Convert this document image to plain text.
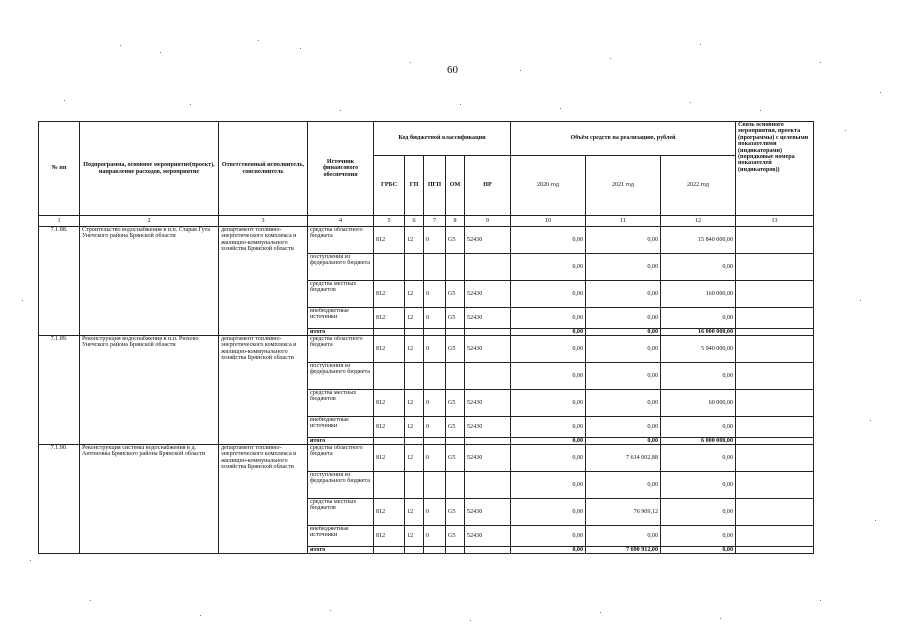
60
№ пп	Подпрограмма, основное мероприятие(проект), направление расходов, мероприятие	Ответственный исполнитель, соисполнитель	Источник финансового обеспечения	Код бюджетной классификации					Объём средств на реализацию, рублей			Связь основного мероприятия, проекта (программы) с целевыми показателями (индикаторами) (порядковые номера показателей (индикаторов))
				ГРБС	ГП	ПГП	ОМ	НР	2020 год	2021 год	2022 год	
1	2	3	4	5	6	7	8	9	10	11	12	13
7.1.88.	Строительство водоснабжения в н.п. Старая Гута Унечского района Брянской области	департамент топливно-энергетического комплекса и жилищно-коммунального хозяйства Брянской области	средства областного бюджета	812	12	0	G5	52430	0,00	0,00	15 840 000,00	
			поступления из федерального бюджета						0,00	0,00	0,00	
			средства местных бюджетов	812	12	0	G5	52430	0,00	0,00	160 000,00	
			внебюджетные источники	812	12	0	G5	52430	0,00	0,00	0,00	
			итого						0,00	0,00	16 000 000,00	
7.1.89.	Реконструкция водоснабжения в н.п. Рюхово Унечского района Брянской области	департамент топливно-энергетического комплекса и жилищно-коммунального хозяйства Брянской области	средства областного бюджета	812	12	0	G5	52430	0,00	0,00	5 940 000,00	
			поступления из федерального бюджета						0,00	0,00	0,00	
			средства местных бюджетов	812	12	0	G5	52430	0,00	0,00	60 000,00	
			внебюджетные источники	812	12	0	G5	52430	0,00	0,00	0,00	
			итого						0,00	0,00	6 000 000,00	
7.1.90.	Реконструкция системы водоснабжения в д. Антоновка Брянского района Брянской области	департамент топливно-энергетического комплекса и жилищно-коммунального хозяйства Брянской области	средства областного бюджета	812	12	0	G5	52430	0,00	7 614 002,88	0,00	
			поступления из федерального бюджета						0,00	0,00	0,00	
			средства местных бюджетов	812	12	0	G5	52430	0,00	76 909,12	0,00	
			внебюджетные источники	812	12	0	G5	52430	0,00	0,00	0,00	
			итого						0,00	7 690 912,00	0,00	
